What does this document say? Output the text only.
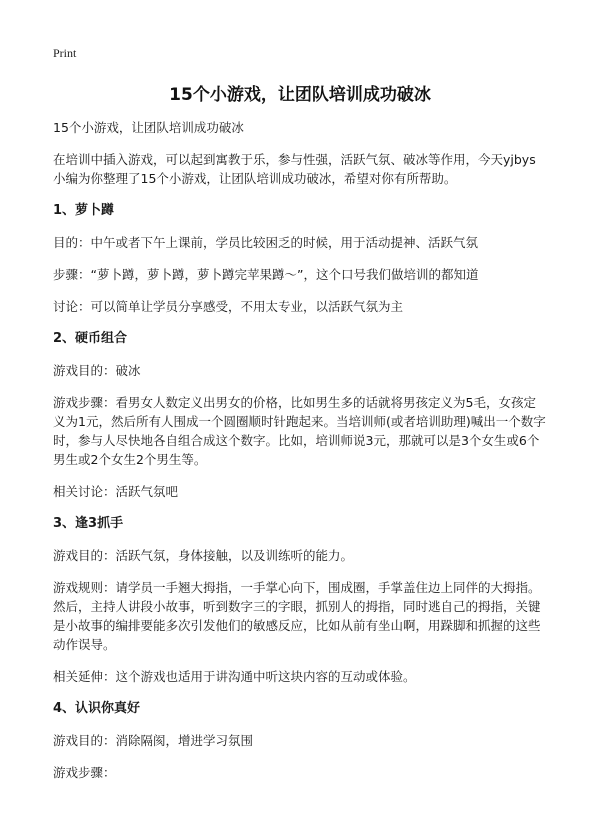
Print
15个小游戏，让团队培训成功破冰

15个小游戏，让团队培训成功破冰

在培训中插入游戏，可以起到寓教于乐，参与性强，活跃气氛、破冰等作用，今天yjbys小编为你整理了15个小游戏，让团队培训成功破冰，希望对你有所帮助。

1、萝卜蹲

目的：中午或者下午上课前，学员比较困乏的时候，用于活动提神、活跃气氛

步骤：“萝卜蹲，萝卜蹲，萝卜蹲完苹果蹲～”，这个口号我们做培训的都知道

讨论：可以简单让学员分享感受，不用太专业，以活跃气氛为主

2、硬币组合

游戏目的：破冰

游戏步骤：看男女人数定义出男女的价格，比如男生多的话就将男孩定义为5毛，女孩定义为1元，然后所有人围成一个圆圈顺时针跑起来。当培训师(或者培训助理)喊出一个数字时，参与人尽快地各自组合成这个数字。比如，培训师说3元，那就可以是3个女生或6个男生或2个女生2个男生等。

相关讨论：活跃气氛吧

3、逢3抓手

游戏目的：活跃气氛，身体接触，以及训练听的能力。

游戏规则：请学员一手翘大拇指，一手掌心向下，围成圈，手掌盖住边上同伴的大拇指。然后，主持人讲段小故事，听到数字三的字眼，抓别人的拇指，同时逃自己的拇指，关键是小故事的编排要能多次引发他们的敏感反应，比如从前有坐山啊，用跺脚和抓握的这些动作误导。

相关延伸：这个游戏也适用于讲沟通中听这块内容的互动或体验。

4、认识你真好

游戏目的：消除隔阂，增进学习氛围

游戏步骤：
